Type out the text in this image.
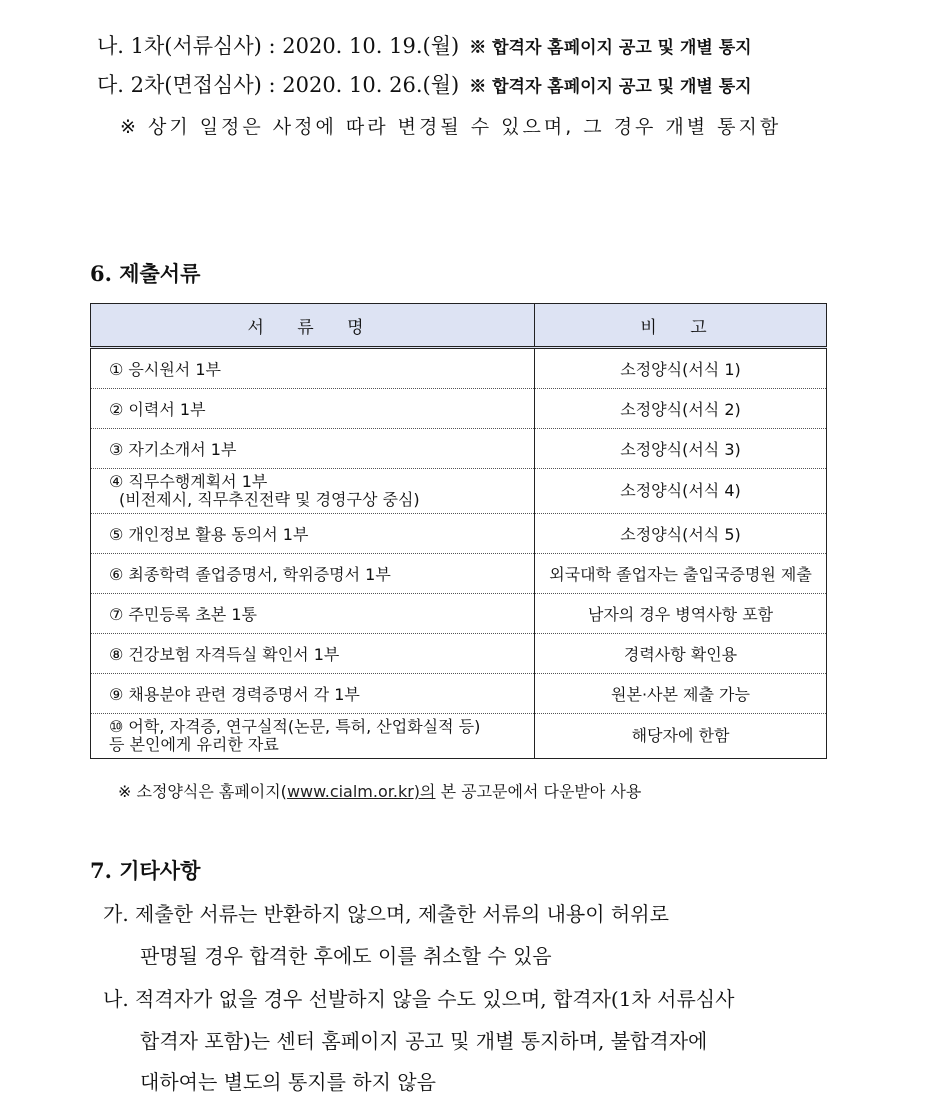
나. 1차(서류심사) : 2020. 10. 19.(월) ※ 합격자 홈페이지 공고 및 개별 통지
다. 2차(면접심사) : 2020. 10. 26.(월) ※ 합격자 홈페이지 공고 및 개별 통지
※ 상기 일정은 사정에 따라 변경될 수 있으며, 그 경우 개별 통지함
6. 제출서류
서 류 명	비 고
① 응시원서 1부	소정양식(서식 1)
② 이력서 1부	소정양식(서식 2)
③ 자기소개서 1부	소정양식(서식 3)

④ 직무수행계획서 1부
(비전제시, 직무추진전략 및 경영구상 중심)	소정양식(서식 4)
⑤ 개인정보 활용 동의서 1부	소정양식(서식 5)
⑥ 최종학력 졸업증명서, 학위증명서 1부	외국대학 졸업자는 출입국증명원 제출
⑦ 주민등록 초본 1통	남자의 경우 병역사항 포함
⑧ 건강보험 자격득실 확인서 1부	경력사항 확인용
⑨ 채용분야 관련 경력증명서 각 1부	원본·사본 제출 가능

⑩ 어학, 자격증, 연구실적(논문, 특허, 산업화실적 등)
등 본인에게 유리한 자료	해당자에 한함
※ 소정양식은 홈페이지(www.cialm.or.kr)의 본 공고문에서 다운받아 사용
7. 기타사항
가. 제출한 서류는 반환하지 않으며, 제출한 서류의 내용이 허위로
판명될 경우 합격한 후에도 이를 취소할 수 있음
나. 적격자가 없을 경우 선발하지 않을 수도 있으며, 합격자(1차 서류심사
합격자 포함)는 센터 홈페이지 공고 및 개별 통지하며, 불합격자에
대하여는 별도의 통지를 하지 않음
